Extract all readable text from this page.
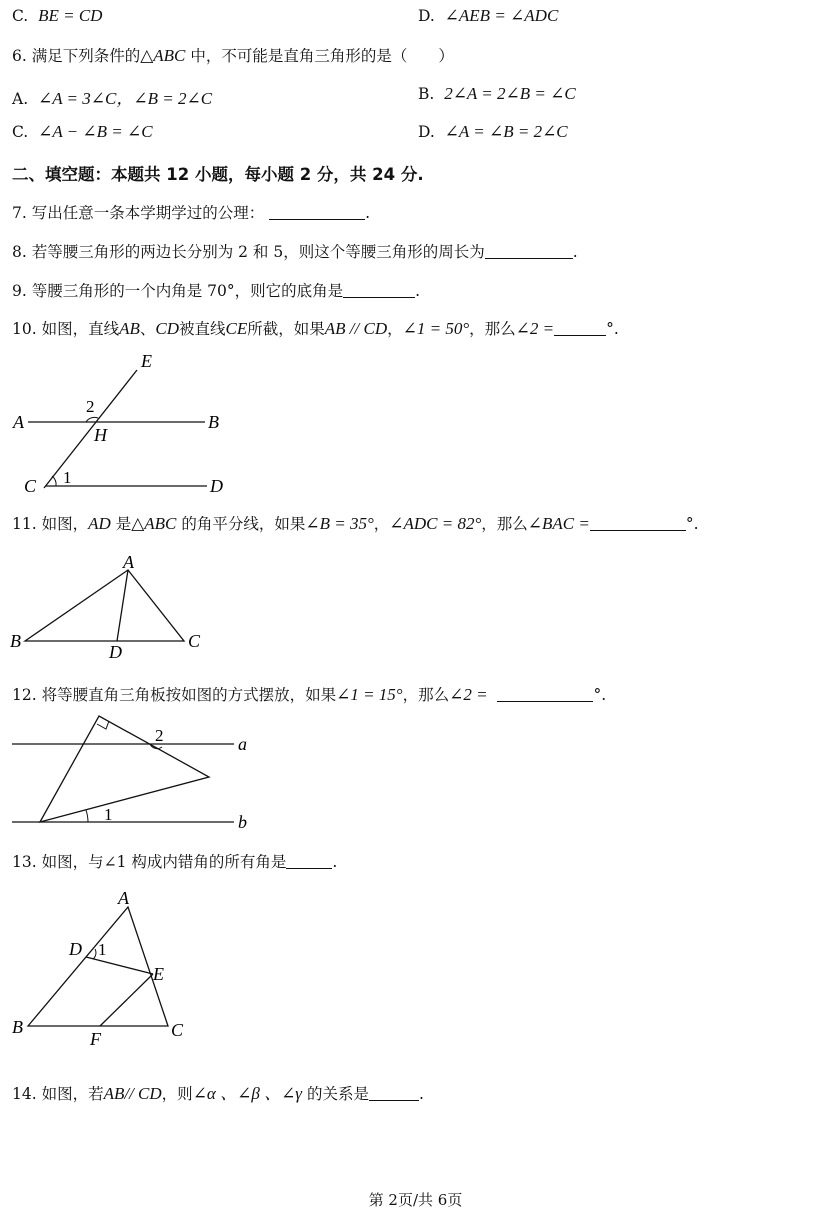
C. BE = CD	D. ∠AEB = ∠ADC
6. 满足下列条件的△ABC 中，不可能是直角三角形的是（　　）
A. ∠A = 3∠C，∠B = 2∠C	B. 2∠A = 2∠B = ∠C
C. ∠A − ∠B = ∠C	D. ∠A = ∠B = 2∠C
二、填空题：本题共 12 小题，每小题 2 分，共 24 分.
7. 写出任意一条本学期学过的公理：	.
8. 若等腰三角形的两边长分别为 2 和 5，则这个等腰三角形的周长为	.
9. 等腰三角形的一个内角是 70°，则它的底角是	.
10. 如图，直线AB、CD被直线CE所截，如果AB // CD，∠1 = 50°，那么∠2 =	°.
E
A	B
H
2
C 1	D
11. 如图，AD 是△ABC 的角平分线，如果∠B = 35°，∠ADC = 82°，那么∠BAC =	°.
A
B	C
D
12. 将等腰直角三角板按如图的方式摆放，如果∠1 = 15°，那么∠2 =	°.
2
1
a
b
13. 如图，与∠1 构成内错角的所有角是	.
A
D 1
E
B	C
F
14. 如图，若AB// CD，则∠α 、∠β 、∠γ 的关系是	.
第 2页/共 6页
